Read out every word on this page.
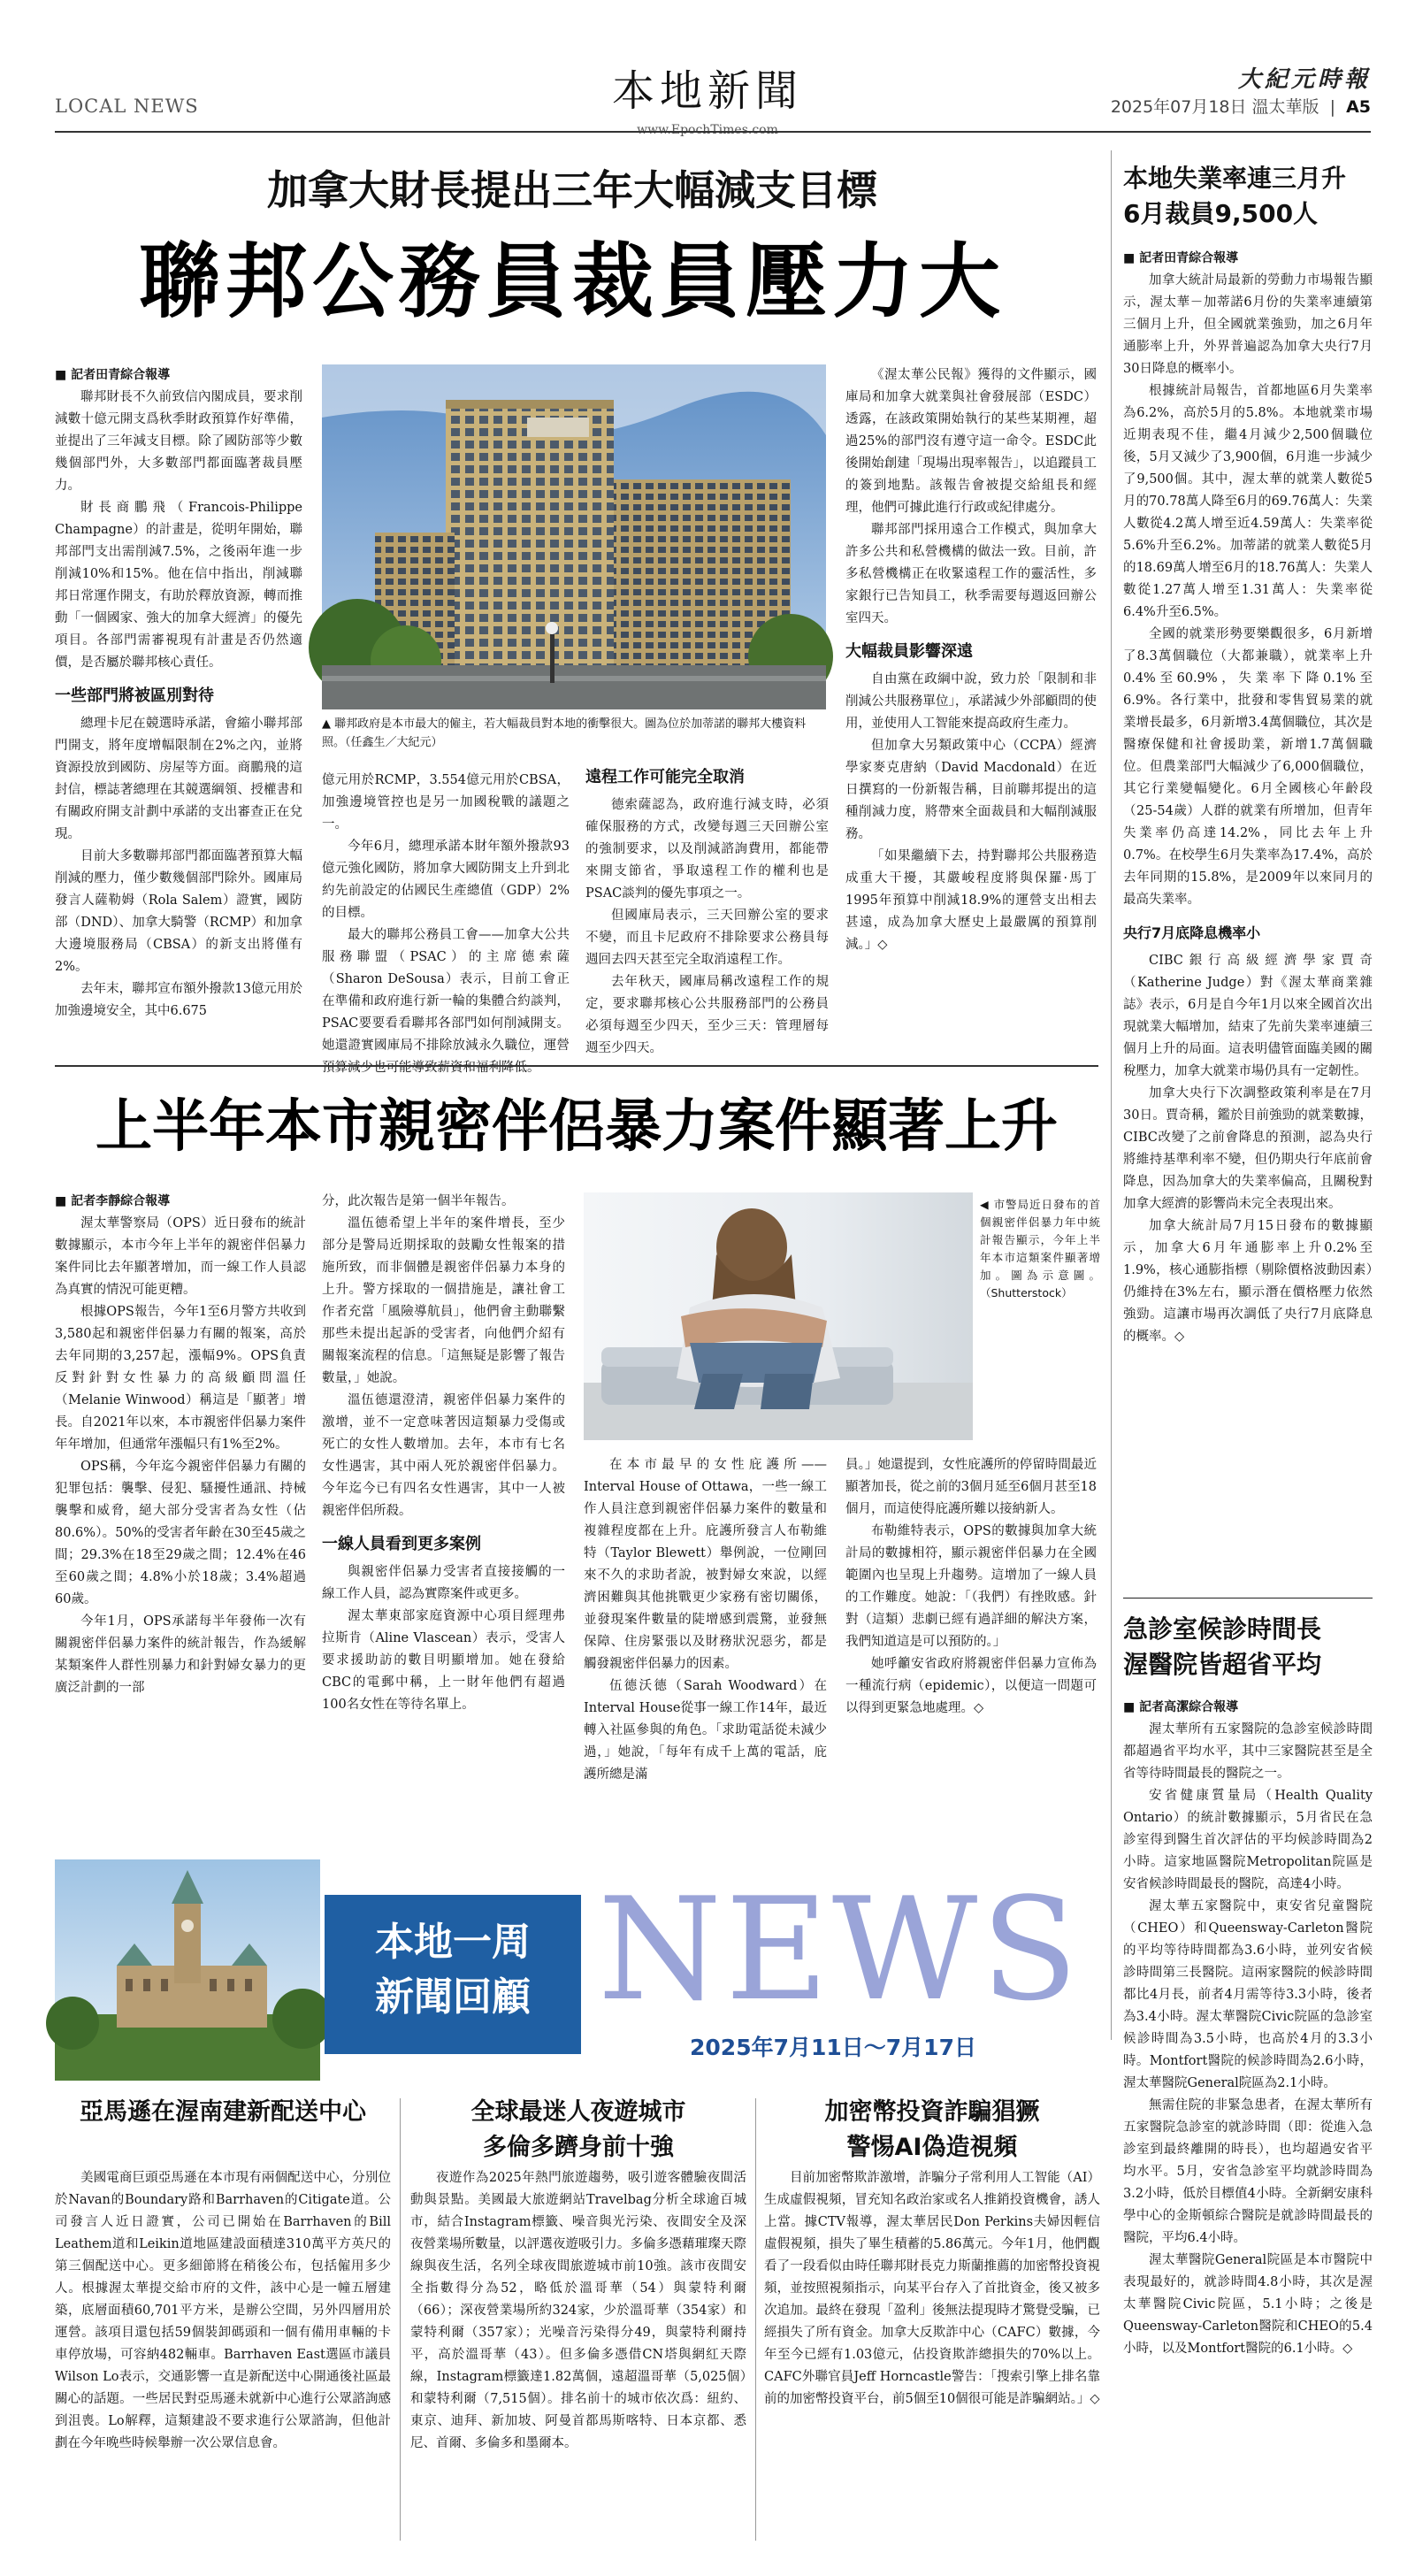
LOCAL NEWS	本地新聞
www.EpochTimes.com
大紀元時報
2025年07月18日 溫太華版 | A5
加拿大財長提出三年大幅減支目標
聯邦公務員裁員壓力大
■ 記者田青綜合報導

聯邦財長不久前致信內閣成員，要求削減數十億元開支爲秋季財政預算作好準備，並提出了三年減支目標。除了國防部等少數幾個部門外，大多數部門都面臨著裁員壓力。

財長商鵬飛（Francois-Philippe Champagne）的計畫是，從明年開始，聯邦部門支出需削減7.5%，之後兩年進一步削減10%和15%。他在信中指出，削減聯邦日常運作開支，有助於釋放資源，轉而推動「一個國家、強大的加拿大經濟」的優先項目。各部門需審視現有計畫是否仍然適價，是否屬於聯邦核心責任。

一些部門將被區別對待

總理卡尼在競選時承諾，會縮小聯邦部門開支，將年度增幅限制在2%之內，並將資源投放到國防、房屋等方面。商鵬飛的這封信，標誌著總理在其競選綱領、授權書和有關政府開支計劃中承諾的支出審查正在兌現。

目前大多數聯邦部門都面臨著預算大幅削減的壓力，僅少數幾個部門除外。國庫局發言人薩勒姆（Rola Salem）證實，國防部（DND）、加拿大騎警（RCMP）和加拿大邊境服務局（CBSA）的新支出將僅有2%。

去年末，聯邦宣布額外撥款13億元用於加強邊境安全，其中6.675

▲ 聯邦政府是本市最大的僱主，若大幅裁員對本地的衝擊很大。圖為位於加蒂諾的聯邦大樓資料照。（任鑫生／大紀元）

億元用於RCMP，3.554億元用於CBSA，加強邊境管控也是另一加國稅戰的議題之一。

今年6月，總理承諾本財年額外撥款93億元強化國防，將加拿大國防開支上升到北約先前設定的佔國民生產總值（GDP）2%的目標。

最大的聯邦公務員工會——加拿大公共服務聯盟（PSAC）的主席德索薩（Sharon DeSousa）表示，目前工會正在準備和政府進行新一輪的集體合約談判，PSAC要要看看聯邦各部門如何削減開支。她還證實國庫局不排除放減永久職位，運營預算減少也可能導致薪資和福利降低。

遠程工作可能完全取消

德索薩認為，政府進行減支時，必須確保服務的方式，改變每週三天回辦公室的強制要求，以及削減諮詢費用，都能帶來開支節省，爭取遠程工作的權利也是PSAC談判的優先事項之一。

但國庫局表示，三天回辦公室的要求不變，而且卡尼政府不排除要求公務員每週回去四天甚至完全取消遠程工作。

去年秋天，國庫局稱改遠程工作的規定，要求聯邦核心公共服務部門的公務員必須每週至少四天，至少三天：管理層每週至少四天。

《渥太華公民報》獲得的文件顯示，國庫局和加拿大就業與社會發展部（ESDC）透露，在該政策開始執行的某些某期裡，超過25%的部門沒有遵守這一命令。ESDC此後開始創建「現場出現率報告」，以追蹤員工的簽到地點。該報告會被提交給組長和經理，他們可據此進行行政或紀律處分。

聯邦部門採用遠合工作模式，與加拿大許多公共和私營機構的做法一致。目前，許多私營機構正在收緊遠程工作的靈活性，多家銀行已告知員工，秋季需要每週返回辦公室四天。

大幅裁員影響深遠

自由黨在政綱中說，致力於「限制和非削減公共服務單位」，承諾減少外部顧問的使用，並使用人工智能來提高政府生產力。

但加拿大另類政策中心（CCPA）經濟學家麥克唐納（David Macdonald）在近日撰寫的一份新報告稱，目前聯邦提出的這種削減力度，將帶來全面裁員和大幅削減服務。

「如果繼續下去，持對聯邦公共服務造成重大干擾，其嚴峻程度將與保羅·馬丁1995年預算中削減18.9%的運營支出相去甚遠，成為加拿大歷史上最嚴厲的預算削減。」◇

本地失業率連三月升
6月裁員9,500人
■ 記者田青綜合報導

加拿大統計局最新的勞動力市場報告顯示，渥太華－加蒂諾6月份的失業率連續第三個月上升，但全國就業強勁，加之6月年通膨率上升，外界普遍認為加拿大央行7月30日降息的概率小。

根據統計局報告，首都地區6月失業率為6.2%，高於5月的5.8%。本地就業市場近期表現不佳，繼4月減少2,500個職位後，5月又減少了3,900個，6月進一步減少了9,500個。其中，渥太華的就業人數從5月的70.78萬人降至6月的69.76萬人：失業人數從4.2萬人增至近4.59萬人：失業率從5.6%升至6.2%。加蒂諾的就業人數從5月的18.69萬人增至6月的18.76萬人：失業人數從1.27萬人增至1.31萬人：失業率從6.4%升至6.5%。

全國的就業形勢要樂觀很多，6月新增了8.3萬個職位（大都兼職），就業率上升0.4%至60.9%，失業率下降0.1%至6.9%。各行業中，批發和零售貿易業的就業增長最多，6月新增3.4萬個職位，其次是醫療保健和社會援助業，新增1.7萬個職位。但農業部門大幅減少了6,000個職位，其它行業變幅變化。6月全國核心年齡段（25-54歲）人群的就業有所增加，但青年失業率仍高達14.2%，同比去年上升0.7%。在校學生6月失業率為17.4%，高於去年同期的15.8%，是2009年以來同月的最高失業率。

央行7月底降息機率小

CIBC銀行高級經濟學家賈奇（Katherine Judge）對《渥太華商業雜誌》表示，6月是自今年1月以來全國首次出現就業大幅增加，結束了先前失業率連續三個月上升的局面。這表明儘管面臨美國的關稅壓力，加拿大就業市場仍具有一定韌性。

加拿大央行下次調整政策利率是在7月30日。賈奇稱，鑑於目前強勁的就業數據，CIBC改變了之前會降息的預測，認為央行將維持基準利率不變，但仍期央行年底前會降息，因為加拿大的失業率偏高，且關稅對加拿大經濟的影響尚未完全表現出來。

加拿大統計局7月15日發布的數據顯示，加拿大6月年通膨率上升0.2%至1.9%，核心通膨指標（剔除價格波動因素）仍維持在3%左右，顯示潛在價格壓力依然強勁。這讓市場再次調低了央行7月底降息的概率。◇

急診室候診時間長
渥醫院皆超省平均
■ 記者高潔綜合報導

渥太華所有五家醫院的急診室候診時間都超過省平均水平，其中三家醫院甚至是全省等待時間最長的醫院之一。

安省健康質量局（Health Quality Ontario）的統計數據顯示，5月省民在急診室得到醫生首次評估的平均候診時間為2小時。這家地區醫院Metropolitan院區是安省候診時間最長的醫院，高達4小時。

渥太華五家醫院中，東安省兒童醫院（CHEO）和Queensway-Carleton醫院的平均等待時間都為3.6小時，並列安省候診時間第三長醫院。這兩家醫院的候診時間都比4月長，前者4月需等待3.3小時，後者為3.4小時。渥太華醫院Civic院區的急診室候診時間為3.5小時，也高於4月的3.3小時。Montfort醫院的候診時間為2.6小時，渥太華醫院General院區為2.1小時。

無需住院的非緊急患者，在渥太華所有五家醫院急診室的就診時間（即：從進入急診室到最終離開的時長），也均超過安省平均水平。5月，安省急診室平均就診時間為3.2小時，低於目標值4小時。全新網安康科學中心的金斯頓綜合醫院是就診時間最長的醫院，平均6.4小時。

渥太華醫院General院區是本市醫院中表現最好的，就診時間4.8小時，其次是渥太華醫院Civic院區，5.1小時；之後是Queensway-Carleton醫院和CHEO的5.4小時，以及Montfort醫院的6.1小時。◇

上半年本市親密伴侶暴力案件顯著上升
■ 記者李靜綜合報導

渥太華警察局（OPS）近日發布的統計數據顯示，本市今年上半年的親密伴侶暴力案件同比去年顯著增加，而一線工作人員認為真實的情況可能更糟。

根據OPS報告，今年1至6月警方共收到3,580起和親密伴侶暴力有關的報案，高於去年同期的3,257起，漲幅9%。OPS負責反對針對女性暴力的高級顧問溫任（Melanie Winwood）稱這是「顯著」增長。自2021年以來，本市親密伴侶暴力案件年年增加，但通常年漲幅只有1%至2%。

OPS稱，今年迄今親密伴侶暴力有關的犯罪包括：襲擊、侵犯、騷擾性通訊、持械襲擊和威脅，絕大部分受害者為女性（佔80.6%）。50%的受害者年齡在30至45歲之間；29.3%在18至29歲之間；12.4%在46至60歲之間；4.8%小於18歲；3.4%超過60歲。

今年1月，OPS承諾每半年發佈一次有關親密伴侶暴力案件的統計報告，作為緩解某類案件人群性別暴力和針對婦女暴力的更廣泛計劃的一部

分，此次報告是第一個半年報告。

溫伍德希望上半年的案件增長，至少部分是警局近期採取的鼓勵女性報案的措施所致，而非個體是親密伴侶暴力本身的上升。警方採取的一個措施是，讓社會工作者充當「風險導航員」，他們會主動聯繫那些未提出起訴的受害者，向他們介紹有關報案流程的信息。「這無疑是影響了報告數量，」她說。

溫伍德還澄清，親密伴侶暴力案件的激增，並不一定意味著因這類暴力受傷或死亡的女性人數增加。去年，本市有七名女性遇害，其中兩人死於親密伴侶暴力。今年迄今已有四名女性遇害，其中一人被親密伴侶所殺。

一線人員看到更多案例

與親密伴侶暴力受害者直接接觸的一線工作人員，認為實際案件或更多。

渥太華東部家庭資源中心項目經理弗拉斯肯（Aline Vlascean）表示，受害人要求援助訪的數目明顯增加。她在發給CBC的電郵中稱，上一財年他們有超過100名女性在等待名單上。

◀ 市警局近日發布的首個親密伴侶暴力年中統計報告顯示，今年上半年本市這類案件顯著增加。圖為示意圖。（Shutterstock）

在本市最早的女性庇護所——Interval House of Ottawa，一些一線工作人員注意到親密伴侶暴力案件的數量和複雜程度都在上升。庇護所發言人布勒維特（Taylor Blewett）舉例說，一位剛回來不久的求助者說，被對婦女來說，以經濟困難與其他挑戰更少家務有密切關係，並發現案件數量的陡增感到震驚，並發無保障、住房緊張以及財務狀況惡劣，都是觸發親密伴侶暴力的因素。

伍德沃德（Sarah Woodward）在Interval House從事一線工作14年，最近轉入社區參與的角色。「求助電話從未減少過，」她說，「每年有成千上萬的電話，庇護所總是滿

員。」她還提到，女性庇護所的停留時間最近顯著加長，從之前的3個月延至6個月甚至18個月，而這使得庇護所難以接納新人。

布勒維特表示，OPS的數據與加拿大統計局的數據相符，顯示親密伴侶暴力在全國範圍內也呈現上升趨勢。這增加了一線人員的工作難度。她說：「（我們）有挫敗感。針對（這類）悲劇已經有過詳細的解決方案，我們知道這是可以預防的。」

她呼籲安省政府將親密伴侶暴力宣佈為一種流行病（epidemic），以便這一問題可以得到更緊急地處理。◇

本地一周
新聞回顧 NEWS
2025年7月11日～7月17日
亞馬遜在渥南建新配送中心

美國電商巨頭亞馬遜在本市現有兩個配送中心，分別位於Navan的Boundary路和Barrhaven的Citigate道。公司發言人近日證實，公司已開始在Barrhaven的Bill Leathem道和Leikin道地區建設面積達310萬平方英尺的第三個配送中心。更多細節將在稍後公布，包括僱用多少人。根據渥太華提交給市府的文件，該中心是一幢五層建築，底層面積60,701平方米，是辦公空間，另外四層用於運營。該項目還包括59個裝卸碼頭和一個有備用車輛的卡車停放場，可容納482輛車。Barrhaven East選區市議員Wilson Lo表示，交通影響一直是新配送中心開通後社區最關心的話題。一些居民對亞馬遜未就新中心進行公眾諮詢感到沮喪。Lo解釋，這類建設不要求進行公眾諮詢，但他計劃在今年晚些時候舉辦一次公眾信息會。

全球最迷人夜遊城市
多倫多躋身前十強

夜遊作為2025年熱門旅遊趨勢，吸引遊客體驗夜間活動與景點。美國最大旅遊網站Travelbag分析全球逾百城市，結合Instagram標籤、噪音與光污染、夜間安全及深夜營業場所數量，以評選夜遊吸引力。多倫多憑藉璀璨天際線與夜生活，名列全球夜間旅遊城市前10強。該市夜間安全指數得分為52，略低於溫哥華（54）與蒙特利爾（66）；深夜營業場所約324家，少於溫哥華（354家）和蒙特利爾（357家）；光噪音污染得分49，與蒙特利爾持平，高於溫哥華（43）。但多倫多憑借CN塔與網紅天際線，Instagram標籤達1.82萬個，遠超溫哥華（5,025個）和蒙特利爾（7,515個）。排名前十的城市依次爲：紐約、東京、迪拜、新加坡、阿曼首都馬斯喀特、日本京都、悉尼、首爾、多倫多和墨爾本。

加密幣投資詐騙猖獗
警惕AI偽造視頻

目前加密幣欺詐激增，詐騙分子常利用人工智能（AI）生成虛假視頻，冒充知名政治家或名人推銷投資機會，誘人上當。據CTV報導，渥太華居民Don Perkins夫婦因輕信虛假視頻，損失了畢生積蓄的5.86萬元。今年1月，他們觀看了一段看似由時任聯邦財長克力斯蘭推薦的加密幣投資視頻，並按照視頻指示，向某平台存入了首批資金，後又被多次追加。最終在發現「盈利」後無法提現時才驚覺受騙，已經損失了所有資金。加拿大反欺詐中心（CAFC）數據，今年至今已經有1.03億元，佔投資欺詐總損失的70%以上。CAFC外聯官員Jeff Horncastle警告：「搜索引擎上排名靠前的加密幣投資平台，前5個至10個很可能是詐騙網站。」◇
